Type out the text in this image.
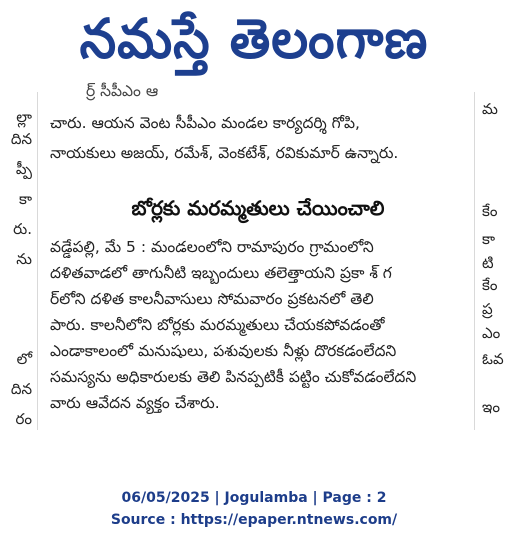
నమస్తే తెలంగాణ
ల్లా
దిన
ప్పీ
కా
రు.
ను
లో
దిన
రం
మ
కేం
కా
టి
కేం
ప్ర
ఎం
ఓవ
ఇం
ర్ర్ సీపీఎం ఆ
చారు. ఆయన వెంట సీపీఎం మండల కార్యదర్శి గోపి,
నాయకులు అజయ్, రమేశ్, వెంకటేశ్, రవికుమార్ ఉన్నారు.
బోర్లకు మరమ్మతులు చేయించాలి
వడ్డేపల్లి, మే 5 : మండలంలోని రామాపురం గ్రామంలోని
దళితవాడలో తాగునీటి ఇబ్బందులు తలెత్తాయని ప్రకా శ్ గ
ర్‌లోని దళిత కాలనీవాసులు సోమవారం ప్రకటనలో తెలి
పారు. కాలనీలోని బోర్లకు మరమ్మతులు చేయకపోవడంతో
ఎండాకాలంలో మనుషులు, పశువులకు నీళ్లు దొరకడంలేదని
సమస్యను అధికారులకు తెలి పినప్పటికీ పట్టిం చుకోవడంలేదని
వారు ఆవేదన వ్యక్తం చేశారు.
06/05/2025 | Jogulamba | Page : 2
Source : https://epaper.ntnews.com/
